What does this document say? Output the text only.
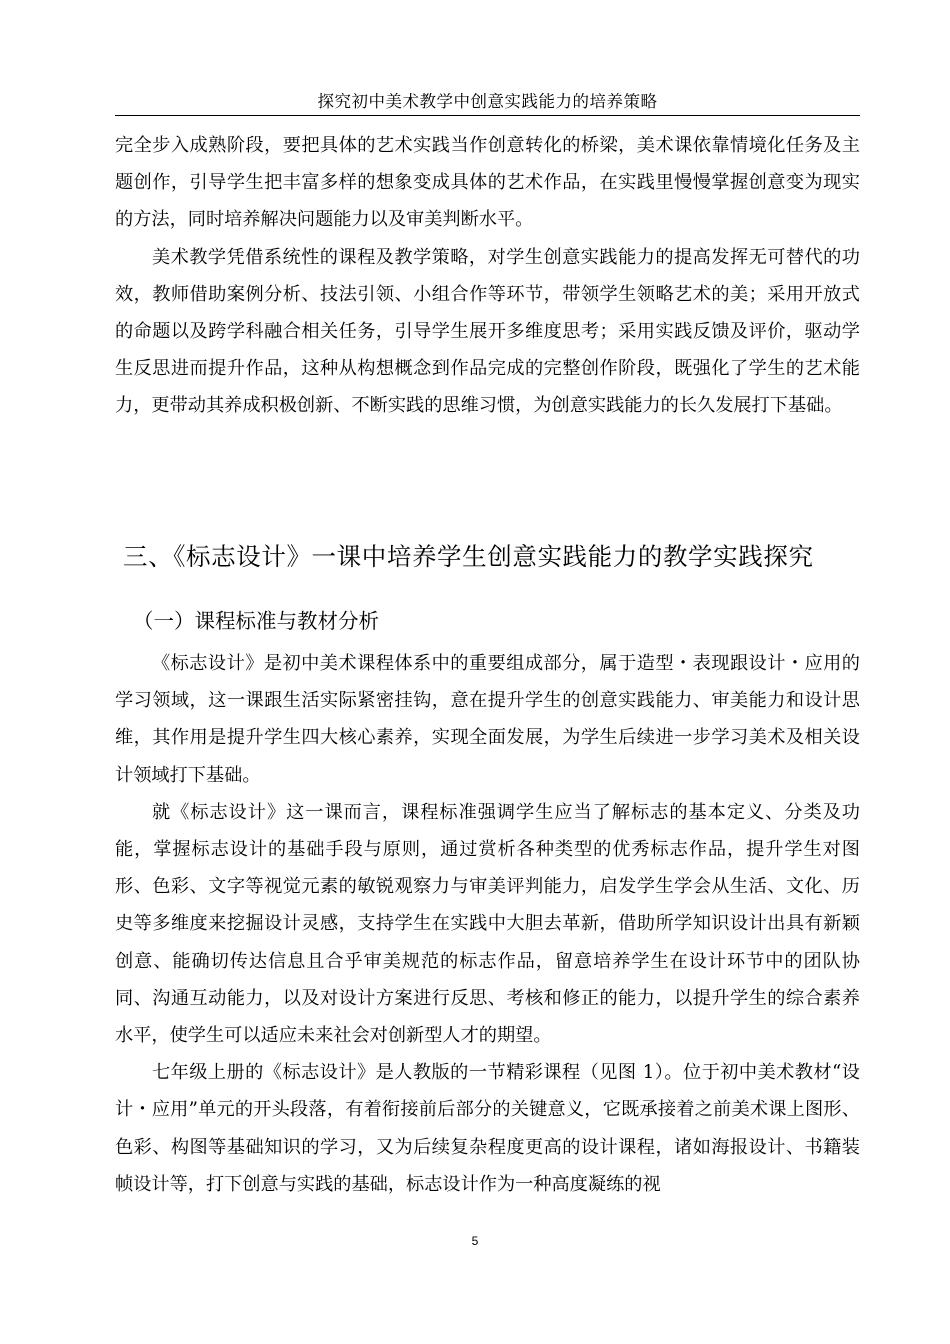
探究初中美术教学中创意实践能力的培养策略

完全步入成熟阶段，要把具体的艺术实践当作创意转化的桥梁，美术课依靠情境化任务及主题创作，引导学生把丰富多样的想象变成具体的艺术作品，在实践里慢慢掌握创意变为现实的方法，同时培养解决问题能力以及审美判断水平。

美术教学凭借系统性的课程及教学策略，对学生创意实践能力的提高发挥无可替代的功效，教师借助案例分析、技法引领、小组合作等环节，带领学生领略艺术的美；采用开放式的命题以及跨学科融合相关任务，引导学生展开多维度思考；采用实践反馈及评价，驱动学生反思进而提升作品，这种从构想概念到作品完成的完整创作阶段，既强化了学生的艺术能力，更带动其养成积极创新、不断实践的思维习惯，为创意实践能力的长久发展打下基础。

三、《标志设计》一课中培养学生创意实践能力的教学实践探究
（一）课程标准与教材分析

《标志设计》是初中美术课程体系中的重要组成部分，属于造型・表现跟设计・应用的学习领域，这一课跟生活实际紧密挂钩，意在提升学生的创意实践能力、审美能力和设计思维，其作用是提升学生四大核心素养，实现全面发展，为学生后续进一步学习美术及相关设计领域打下基础。

就《标志设计》这一课而言，课程标准强调学生应当了解标志的基本定义、分类及功能，掌握标志设计的基础手段与原则，通过赏析各种类型的优秀标志作品，提升学生对图形、色彩、文字等视觉元素的敏锐观察力与审美评判能力，启发学生学会从生活、文化、历史等多维度来挖掘设计灵感，支持学生在实践中大胆去革新，借助所学知识设计出具有新颖创意、能确切传达信息且合乎审美规范的标志作品，留意培养学生在设计环节中的团队协同、沟通互动能力，以及对设计方案进行反思、考核和修正的能力，以提升学生的综合素养水平，使学生可以适应未来社会对创新型人才的期望。

七年级上册的《标志设计》是人教版的一节精彩课程（见图 1）。位于初中美术教材“设计・应用”单元的开头段落，有着衔接前后部分的关键意义，它既承接着之前美术课上图形、色彩、构图等基础知识的学习，又为后续复杂程度更高的设计课程，诸如海报设计、书籍装帧设计等，打下创意与实践的基础，标志设计作为一种高度凝练的视

5
